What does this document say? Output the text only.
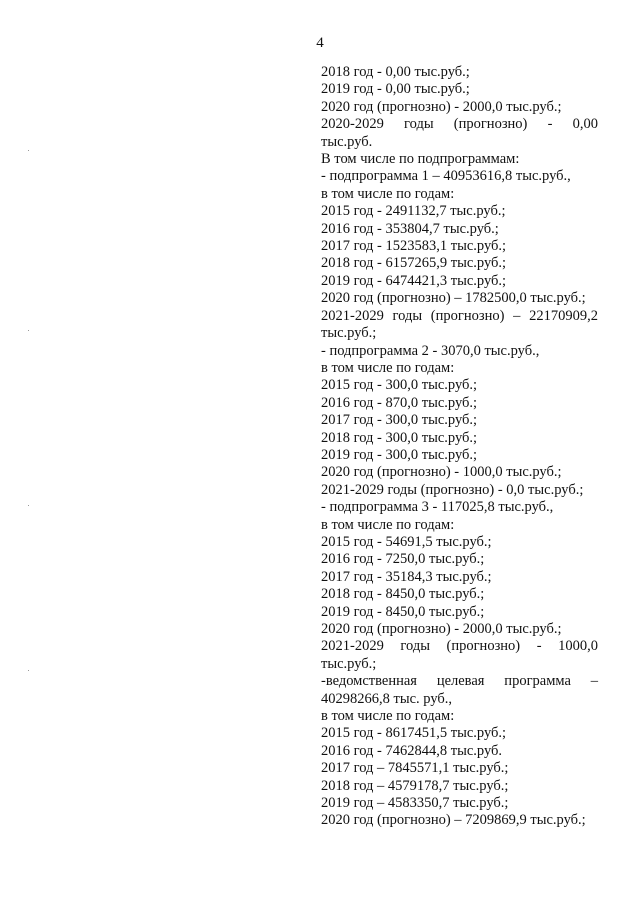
4
2018 год - 0,00 тыс.руб.;
2019 год - 0,00 тыс.руб.;
2020 год (прогнозно) - 2000,0 тыс.руб.;
2020-2029 годы (прогнозно) - 0,00
тыс.руб.
В том числе по подпрограммам:
- подпрограмма 1 – 40953616,8 тыс.руб.,
в том числе по годам:
2015 год - 2491132,7 тыс.руб.;
2016 год - 353804,7 тыс.руб.;
2017 год - 1523583,1 тыс.руб.;
2018 год - 6157265,9 тыс.руб.;
2019 год - 6474421,3 тыс.руб.;
2020 год (прогнозно) – 1782500,0 тыс.руб.;
2021-2029 годы (прогнозно) – 22170909,2
тыс.руб.;
- подпрограмма 2 - 3070,0 тыс.руб.,
в том числе по годам:
2015 год - 300,0 тыс.руб.;
2016 год - 870,0 тыс.руб.;
2017 год - 300,0 тыс.руб.;
2018 год - 300,0 тыс.руб.;
2019 год - 300,0 тыс.руб.;
2020 год (прогнозно) - 1000,0 тыс.руб.;
2021-2029 годы (прогнозно) - 0,0 тыс.руб.;
- подпрограмма 3 - 117025,8 тыс.руб.,
в том числе по годам:
2015 год - 54691,5 тыс.руб.;
2016 год - 7250,0 тыс.руб.;
2017 год - 35184,3 тыс.руб.;
2018 год - 8450,0 тыс.руб.;
2019 год - 8450,0 тыс.руб.;
2020 год (прогнозно) - 2000,0 тыс.руб.;
2021-2029 годы (прогнозно) - 1000,0
тыс.руб.;
-ведомственная целевая программа –
40298266,8 тыс. руб.,
в том числе по годам:
2015 год - 8617451,5 тыс.руб.;
2016 год - 7462844,8 тыс.руб.
2017 год – 7845571,1 тыс.руб.;
2018 год – 4579178,7 тыс.руб.;
2019 год – 4583350,7 тыс.руб.;
2020 год (прогнозно) – 7209869,9 тыс.руб.;
